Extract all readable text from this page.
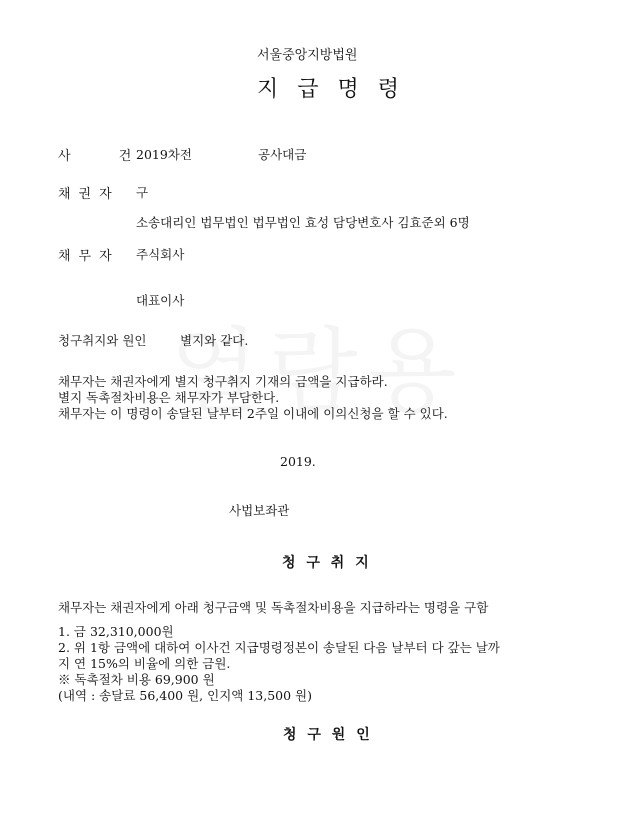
서울중앙지방법원
지 급 명 령
사 건
2019차전	공사대금
채권자 구
소송대리인 법무법인 법무법인 효성 담당변호사 김효준외 6명
채무자 주식회사
대표이사
청구취지와 원인	별지와 같다.
채무자는 채권자에게 별지 청구취지 기재의 금액을 지급하라.
별지 독촉절차비용은 채무자가 부담한다.
채무자는 이 명령이 송달된 날부터 2주일 이내에 이의신청을 할 수 있다.
2019.
사법보좌관
청 구 취 지
채무자는 채권자에게 아래 청구금액 및 독촉절차비용을 지급하라는 명령을 구함
1. 금 32,310,000원
2. 위 1항 금액에 대하여 이사건 지급명령정본이 송달된 다음 날부터 다 갚는 날까
지 연 15%의 비율에 의한 금원.
※ 독촉절차 비용 69,900 원
(내역 : 송달료 56,400 원, 인지액 13,500 원)
청 구 원 인
